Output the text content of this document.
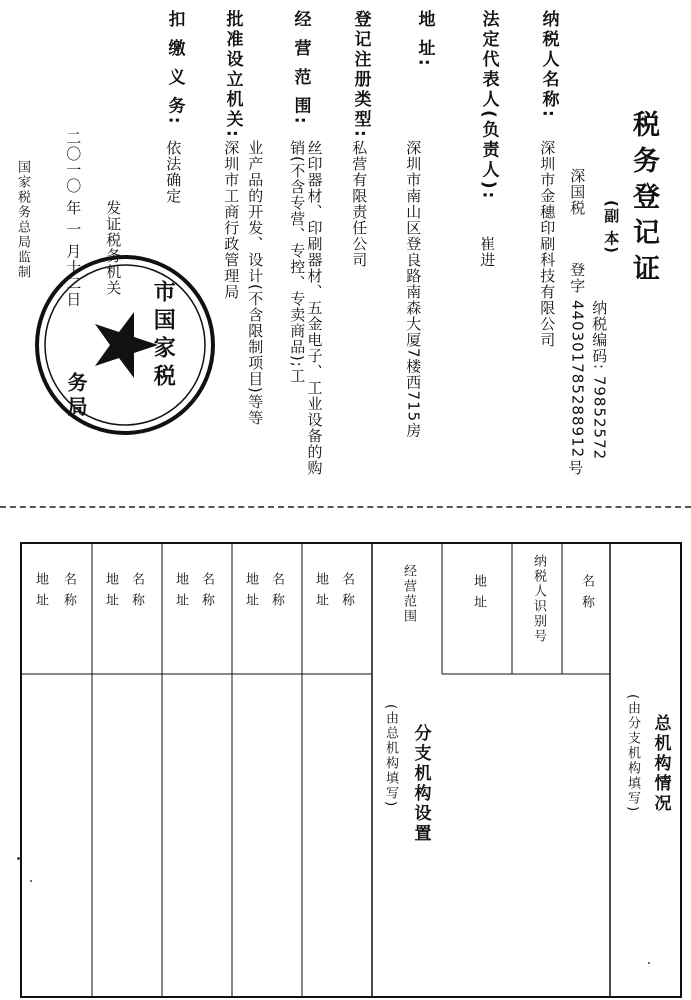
税务登记证
(副 本)
纳税编码: 79852572
深国税
登字
440301785288912
号
纳税人名称:
深圳市金穗印刷科技有限公司
法定代表人(负责人):
崔进
地 址:
深圳市南山区登良路南森大厦7楼西715房
登记注册类型:
私营有限责任公司
经 营 范 围:
丝印器材、印刷器材、五金电子、工业设备的购销(不含专营、专控、专卖商品);工
业产品的开发、设计(不含限制项目)等等
批准设立机关:
深圳市工商行政管理局
扣 缴 义 务:
依法确定
发证税务机关
二〇一〇 年 一 月十二日
国家税务总局监制
市国家税
务局
总机构情况
(由分支机构填写)
名 称
纳税人识别号
地 址
经营范围
分支机构设置
(由总机构填写)
名 称
地 址
名 称
地 址
名 称
地 址
名 称
地 址
名 称
地 址
